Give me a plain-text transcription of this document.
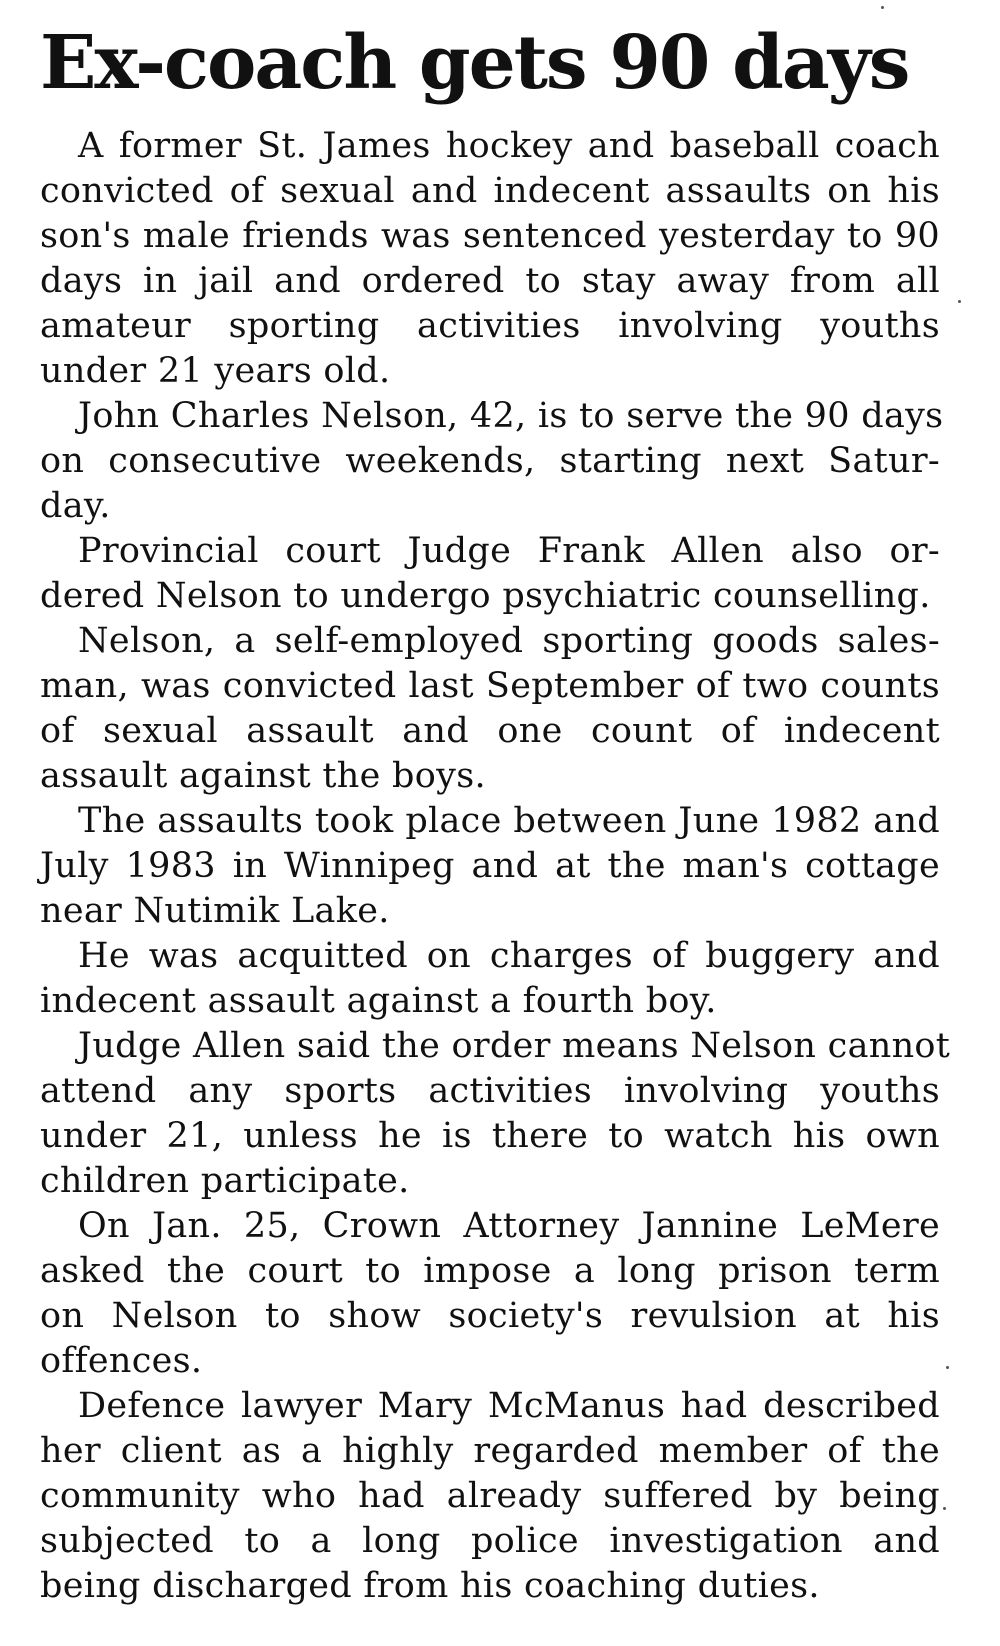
Ex-coach gets 90 days

A former St. James hockey and baseball coach
convicted of sexual and indecent assaults on his
son's male friends was sentenced yesterday to 90
days in jail and ordered to stay away from all
amateur sporting activities involving youths
under 21 years old.

John Charles Nelson, 42, is to serve the 90 days
on consecutive weekends, starting next Satur-
day.

Provincial court Judge Frank Allen also or-
dered Nelson to undergo psychiatric counselling.

Nelson, a self-employed sporting goods sales-
man, was convicted last September of two counts
of sexual assault and one count of indecent
assault against the boys.

The assaults took place between June 1982 and
July 1983 in Winnipeg and at the man's cottage
near Nutimik Lake.

He was acquitted on charges of buggery and
indecent assault against a fourth boy.

Judge Allen said the order means Nelson cannot
attend any sports activities involving youths
under 21, unless he is there to watch his own
children participate.

On Jan. 25, Crown Attorney Jannine LeMere
asked the court to impose a long prison term
on Nelson to show society's revulsion at his
offences.

Defence lawyer Mary McManus had described
her client as a highly regarded member of the
community who had already suffered by being
subjected to a long police investigation and
being discharged from his coaching duties.
